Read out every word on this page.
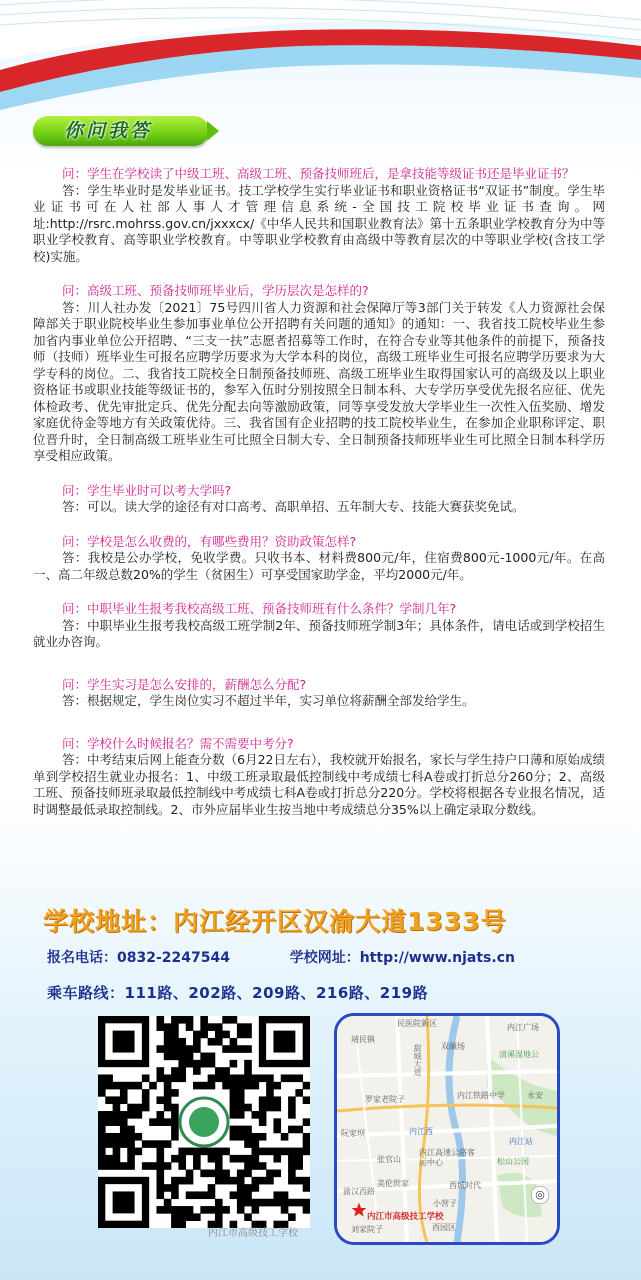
你问我答

问：学生在学校读了中级工班、高级工班、预备技师班后，是拿技能等级证书还是毕业证书？

答：学生毕业时是发毕业证书。技工学校学生实行毕业证书和职业资格证书“双证书”制度。学生毕业证书可在人社部人事人才管理信息系统-全国技工院校毕业证书查询。网址:http://rsrc.mohrss.gov.cn/jxxxcx/《中华人民共和国职业教育法》第十五条职业学校教育分为中等职业学校教育、高等职业学校教育。中等职业学校教育由高级中等教育层次的中等职业学校(含技工学校)实施。

问：高级工班、预备技师班毕业后，学历层次是怎样的?

答：川人社办发〔2021〕75号四川省人力资源和社会保障厅等3部门关于转发《人力资源社会保障部关于职业院校毕业生参加事业单位公开招聘有关问题的通知》的通知：一、我省技工院校毕业生参加省内事业单位公开招聘、“三支一扶”志愿者招募等工作时，在符合专业等其他条件的前提下，预备技师（技师）班毕业生可报名应聘学历要求为大学本科的岗位，高级工班毕业生可报名应聘学历要求为大学专科的岗位。二、我省技工院校全日制预备技师班、高级工班毕业生取得国家认可的高级及以上职业资格证书或职业技能等级证书的，参军入伍时分别按照全日制本科、大专学历享受优先报名应征、优先体检政考、优先审批定兵、优先分配去向等激励政策，同等享受发放大学毕业生一次性入伍奖励、增发家庭优待金等地方有关政策优待。三、我省国有企业招聘的技工院校毕业生，在参加企业职称评定、职位晋升时，全日制高级工班毕业生可比照全日制大专、全日制预备技师班毕业生可比照全日制本科学历享受相应政策。

问：学生毕业时可以考大学吗?

答：可以。读大学的途径有对口高考、高职单招、五年制大专、技能大赛获奖免试。

问：学校是怎么收费的，有哪些费用？资助政策怎样?

答：我校是公办学校，免收学费。只收书本、材料费800元/年，住宿费800元-1000元/年。在高一、高二年级总数20%的学生（贫困生）可享受国家助学金，平均2000元/年。

问：中职毕业生报考我校高级工班、预备技师班有什么条件？学制几年?

答：中职毕业生报考我校高级工班学制2年、预备技师班学制3年；具体条件，请电话或到学校招生就业办咨询。

问：学生实习是怎么安排的，薪酬怎么分配?

答：根据规定，学生岗位实习不超过半年，实习单位将薪酬全部发给学生。

问：学校什么时候报名？需不需要中考分?

答：中考结束后网上能查分数（6月22日左右），我校就开始报名，家长与学生持户口薄和原始成绩单到学校招生就业办报名：1、中级工班录取最低控制线中考成绩七科A卷或打折总分260分；2、高级工班、预备技师班录取最低控制线中考成绩七科A卷或打折总分220分。学校将根据各专业报名情况，适时调整最低录取控制线。2、市外应届毕业生按当地中考成绩总分35%以上确定录取分数线。

学校地址：内江经开区汉渝大道1333号
报名电话：0832-2247544	学校网址：http://www.njats.cn
乘车路线：111路、202路、209路、216路、219路
内江市高级技工学校
民医院新区	内江广场
靖民镇
甜城大道 双頔场
清溪湿地公
内江铁路中学
罗家老院子	永安
内江西
阮家坝
内江站
内江高速公路客运中心
张官山	松山公园
美伦世家	西城时代
小营子
渝汉西路
内江市高级技工学校
刘家院子	西园区
◎
